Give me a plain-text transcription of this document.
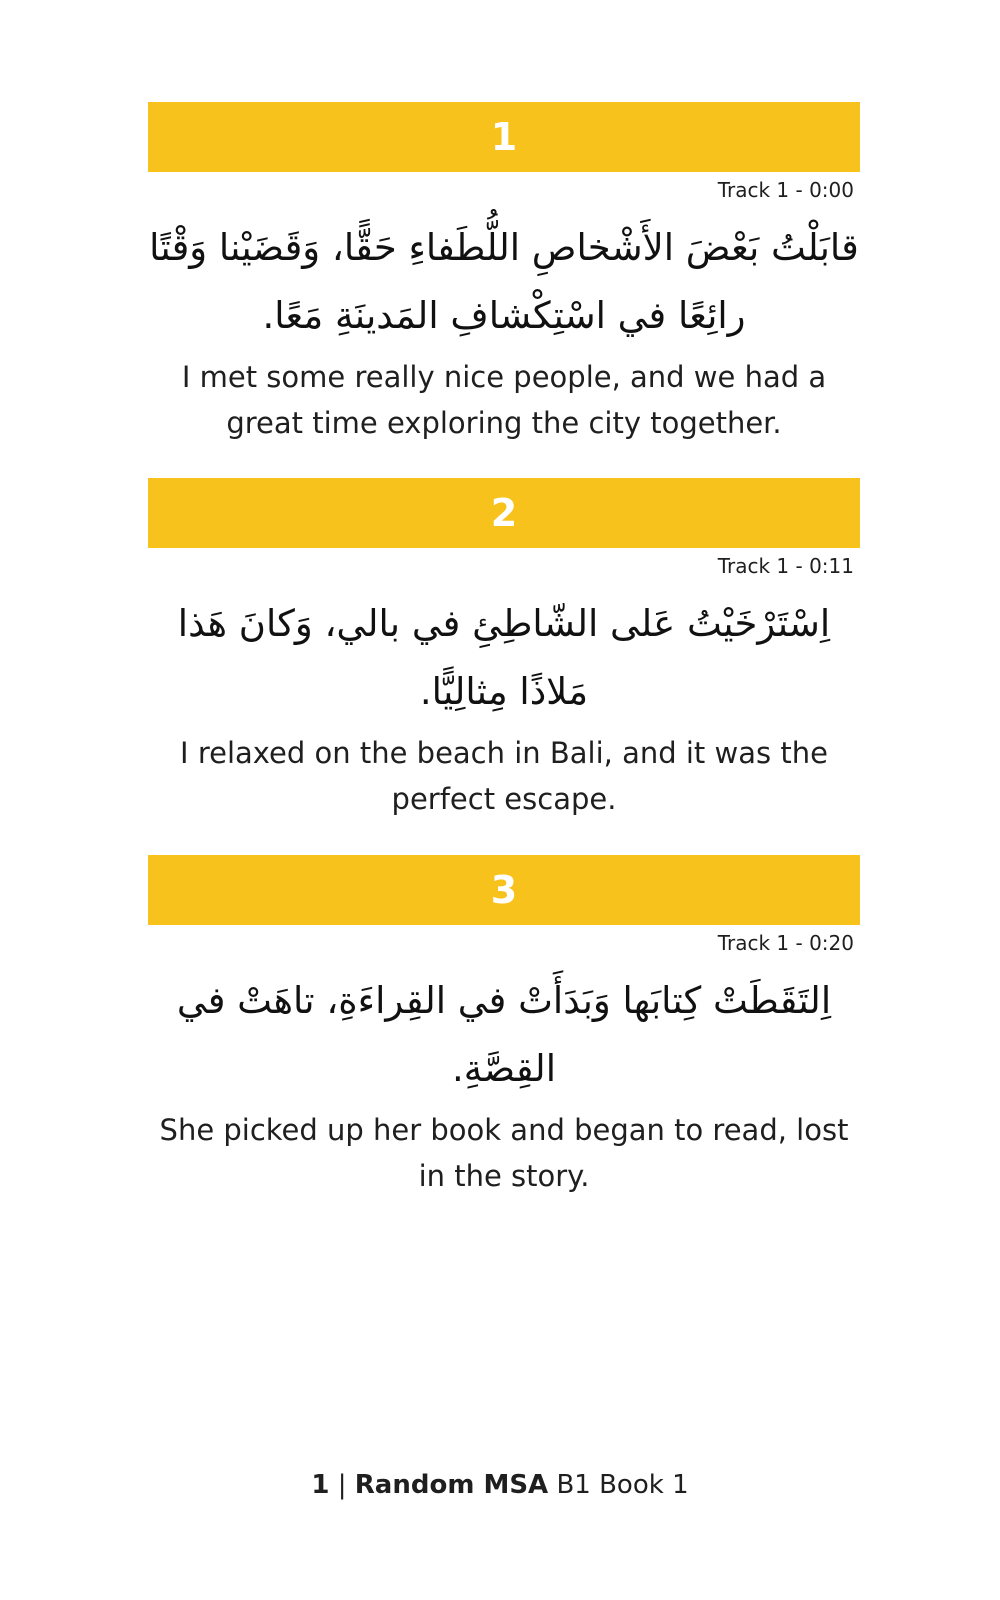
1
Track 1 - 0:00
قابَلْتُ بَعْضَ الأَشْخاصِ اللُّطَفاءِ حَقًّا، وَقَضَيْنا وَقْتًا رائِعًا في اسْتِكْشافِ المَدينَةِ مَعًا.
I met some really nice people, and we had a great time exploring the city together.
2
Track 1 - 0:11
اِسْتَرْخَيْتُ عَلى الشّاطِئِ في بالي، وَكانَ هَذا مَلاذًا مِثالِيًّا.
I relaxed on the beach in Bali, and it was the perfect escape.
3
Track 1 - 0:20
اِلتَقَطَتْ كِتابَها وَبَدَأَتْ في القِراءَةِ، تاهَتْ في القِصَّةِ.
She picked up her book and began to read, lost in the story.
1 | Random MSA B1 Book 1
